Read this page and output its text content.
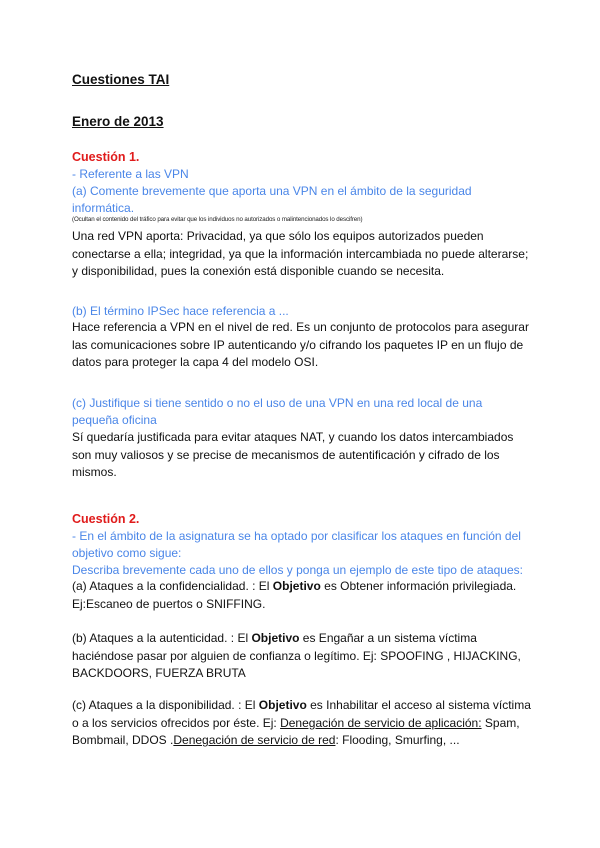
Cuestiones TAI
Enero de 2013
Cuestión 1.
- Referente a las VPN
(a) Comente brevemente que aporta una VPN en el ámbito de la seguridad informática.
(Ocultan el contenido del tráfico para evitar que los individuos no autorizados o malintencionados lo descifren)
Una red VPN aporta: Privacidad, ya que sólo los equipos autorizados pueden conectarse a ella; integridad, ya que la información intercambiada no puede alterarse; y disponibilidad, pues la conexión está disponible cuando se necesita.
(b) El término IPSec hace referencia a ...
Hace referencia a VPN en el nivel de red. Es un conjunto de protocolos para asegurar las comunicaciones sobre IP autenticando y/o cifrando los paquetes IP en un flujo de datos para proteger la capa 4 del modelo OSI.
(c) Justifique si tiene sentido o no el uso de una VPN en una red local de una pequeña oficina
Sí quedaría justificada para evitar ataques NAT, y cuando los datos intercambiados son muy valiosos y se precise de mecanismos de autentificación y cifrado de los mismos.
Cuestión 2.
- En el ámbito de la asignatura se ha optado por clasificar los ataques en función del objetivo como sigue:
Describa brevemente cada uno de ellos y ponga un ejemplo de este tipo de ataques:
(a) Ataques a la confidencialidad. : El Objetivo es Obtener información privilegiada. Ej:Escaneo de puertos o SNIFFING.
(b) Ataques a la autenticidad. : El Objetivo es Engañar a un sistema víctima haciéndose pasar por alguien de confianza o legítimo. Ej: SPOOFING , HIJACKING, BACKDOORS, FUERZA BRUTA
(c) Ataques a la disponibilidad. : El Objetivo es Inhabilitar el acceso al sistema víctima o a los servicios ofrecidos por éste. Ej: Denegación de servicio de aplicación: Spam, Bombmail, DDOS .Denegación de servicio de red: Flooding, Smurfing, ...
